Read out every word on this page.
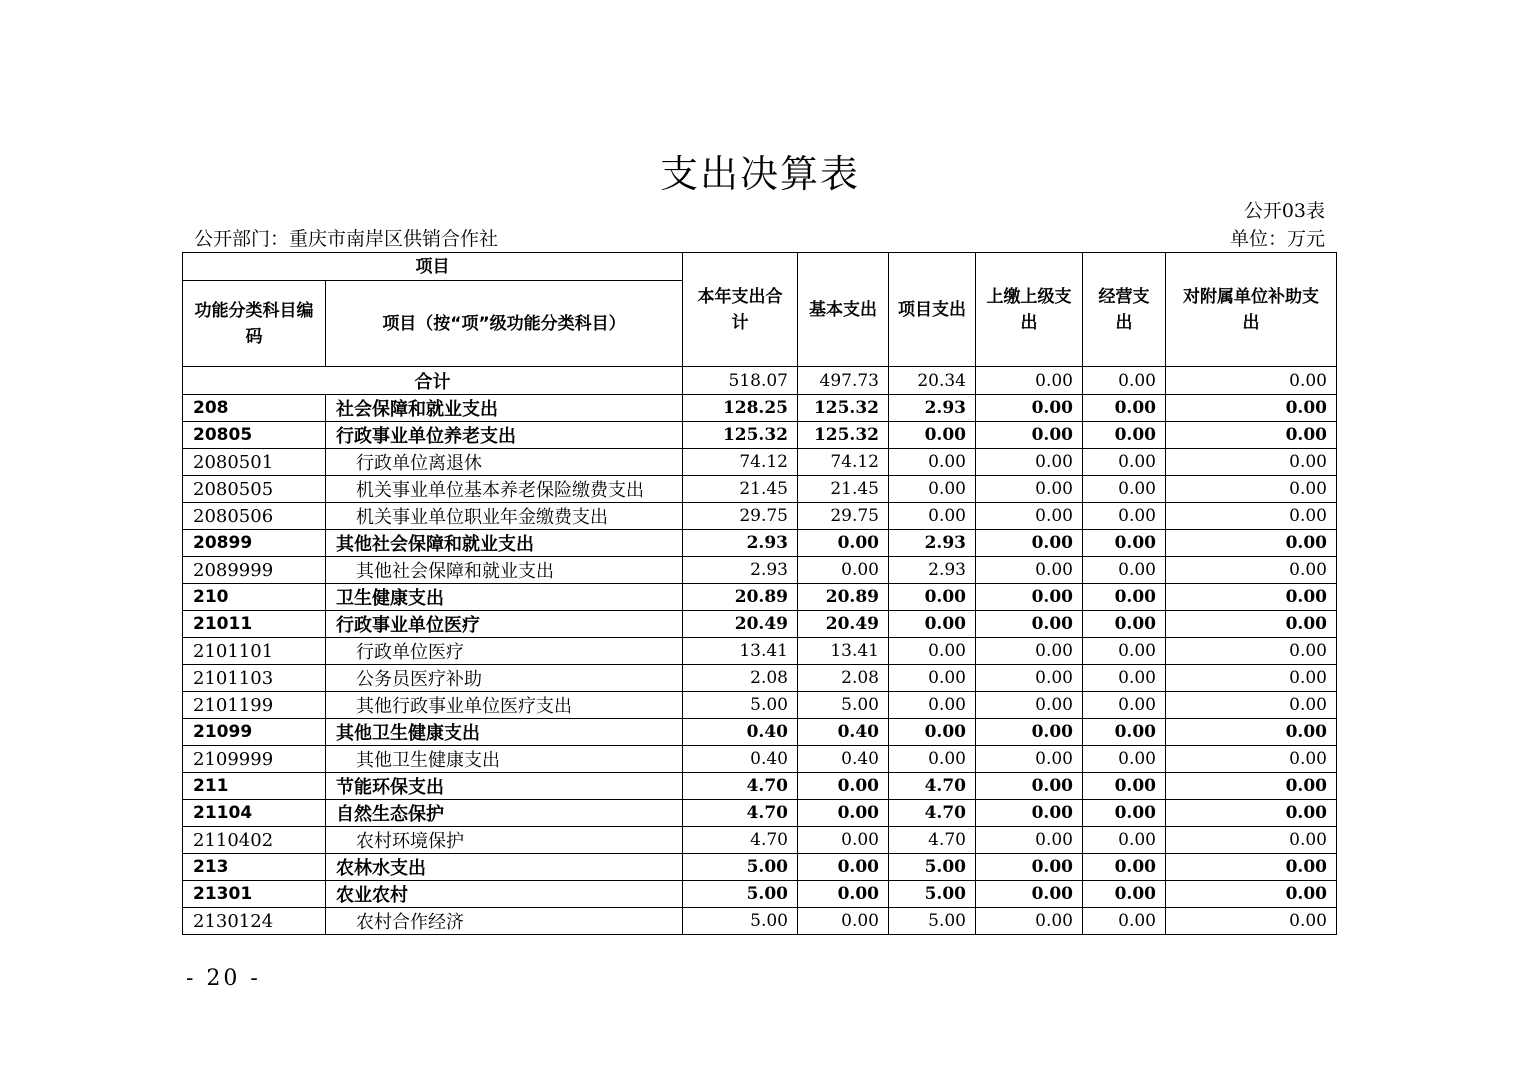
支出决算表
公开03表
公开部门：重庆市南岸区供销合作社	单位：万元
项目		本年支出合计	基本支出	项目支出	上缴上级支出	经营支出	对附属单位补助支出
功能分类科目编码	项目（按“项”级功能分类科目）						
合计		518.07	497.73	20.34	0.00	0.00	0.00
208	社会保障和就业支出	128.25	125.32	2.93	0.00	0.00	0.00
20805	行政事业单位养老支出	125.32	125.32	0.00	0.00	0.00	0.00
2080501	行政单位离退休	74.12	74.12	0.00	0.00	0.00	0.00
2080505	机关事业单位基本养老保险缴费支出	21.45	21.45	0.00	0.00	0.00	0.00
2080506	机关事业单位职业年金缴费支出	29.75	29.75	0.00	0.00	0.00	0.00
20899	其他社会保障和就业支出	2.93	0.00	2.93	0.00	0.00	0.00
2089999	其他社会保障和就业支出	2.93	0.00	2.93	0.00	0.00	0.00
210	卫生健康支出	20.89	20.89	0.00	0.00	0.00	0.00
21011	行政事业单位医疗	20.49	20.49	0.00	0.00	0.00	0.00
2101101	行政单位医疗	13.41	13.41	0.00	0.00	0.00	0.00
2101103	公务员医疗补助	2.08	2.08	0.00	0.00	0.00	0.00
2101199	其他行政事业单位医疗支出	5.00	5.00	0.00	0.00	0.00	0.00
21099	其他卫生健康支出	0.40	0.40	0.00	0.00	0.00	0.00
2109999	其他卫生健康支出	0.40	0.40	0.00	0.00	0.00	0.00
211	节能环保支出	4.70	0.00	4.70	0.00	0.00	0.00
21104	自然生态保护	4.70	0.00	4.70	0.00	0.00	0.00
2110402	农村环境保护	4.70	0.00	4.70	0.00	0.00	0.00
213	农林水支出	5.00	0.00	5.00	0.00	0.00	0.00
21301	农业农村	5.00	0.00	5.00	0.00	0.00	0.00
2130124	农村合作经济	5.00	0.00	5.00	0.00	0.00	0.00
- 20 -
